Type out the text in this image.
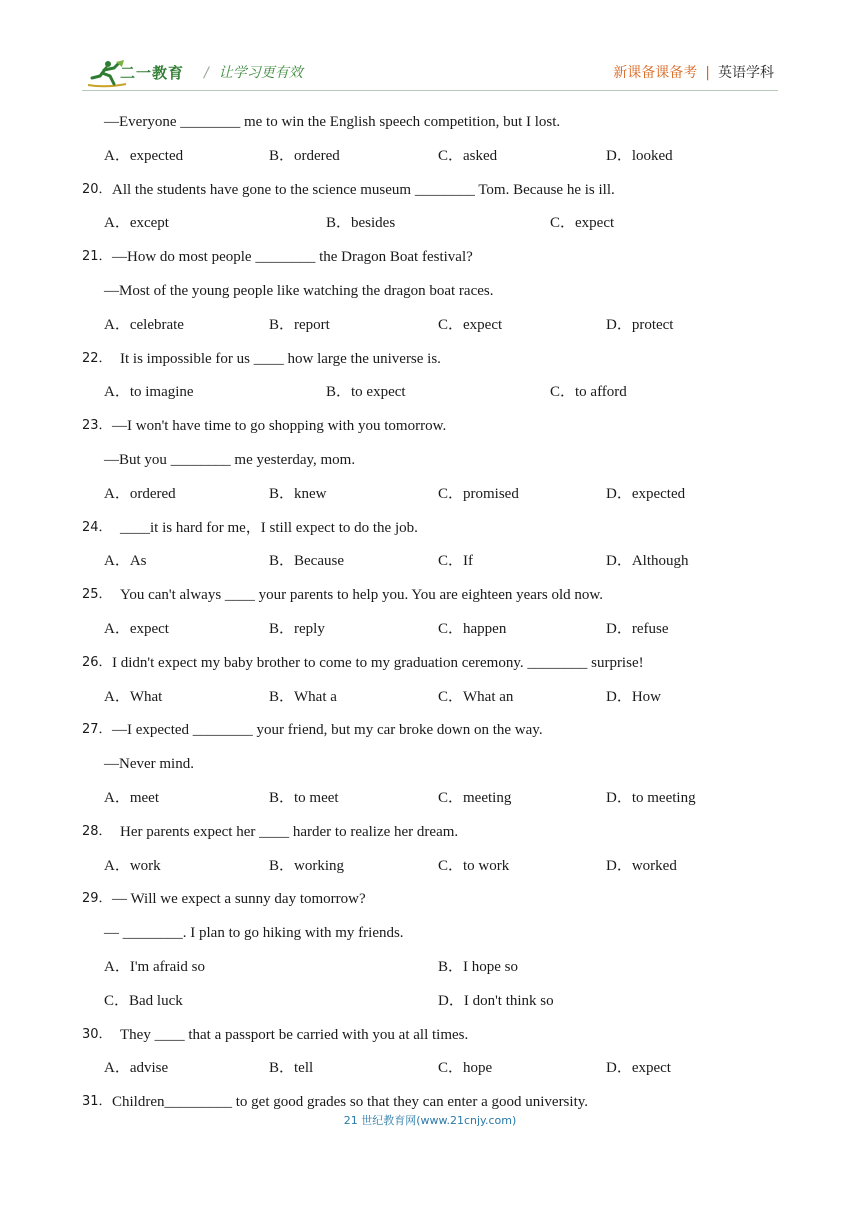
二一教育 / 让学习更有效	新课备课备考 | 英语学科
—Everyone ________ me to win the English speech competition, but I lost.
A．expected	B．ordered	C．asked	D．looked
20． All the students have gone to the science museum ________ Tom. Because he is ill.
A．except	B．besides	C．expect
21． —How do most people ________ the Dragon Boat festival?
—Most of the young people like watching the dragon boat races.
A．celebrate	B．report	C．expect	D．protect
22． It is impossible for us ____ how large the universe is.
A．to imagine	B．to expect	C．to afford
23． —I won't have time to go shopping with you tomorrow.
—But you ________ me yesterday, mom.
A．ordered	B．knew	C．promised	D．expected
24． ____it is hard for me，I still expect to do the job.
A．As	B．Because	C．If	D．Although
25． You can't always ____ your parents to help you. You are eighteen years old now.
A．expect	B．reply	C．happen	D．refuse
26． I didn't expect my baby brother to come to my graduation ceremony. ________ surprise!
A．What	B．What a	C．What an	D．How
27． —I expected ________ your friend, but my car broke down on the way.
—Never mind.
A．meet	B．to meet	C．meeting	D．to meeting
28． Her parents expect her ____ harder to realize her dream.
A．work	B．working	C．to work	D．worked
29． — Will we expect a sunny day tomorrow?
— ________. I plan to go hiking with my friends.
A．I'm afraid so	B．I hope so
C．Bad luck	D．I don't think so
30． They ____ that a passport be carried with you at all times.
A．advise	B．tell	C．hope	D．expect
31． Children_________ to get good grades so that they can enter a good university.
21 世纪教育网(www.21cnjy.com)
